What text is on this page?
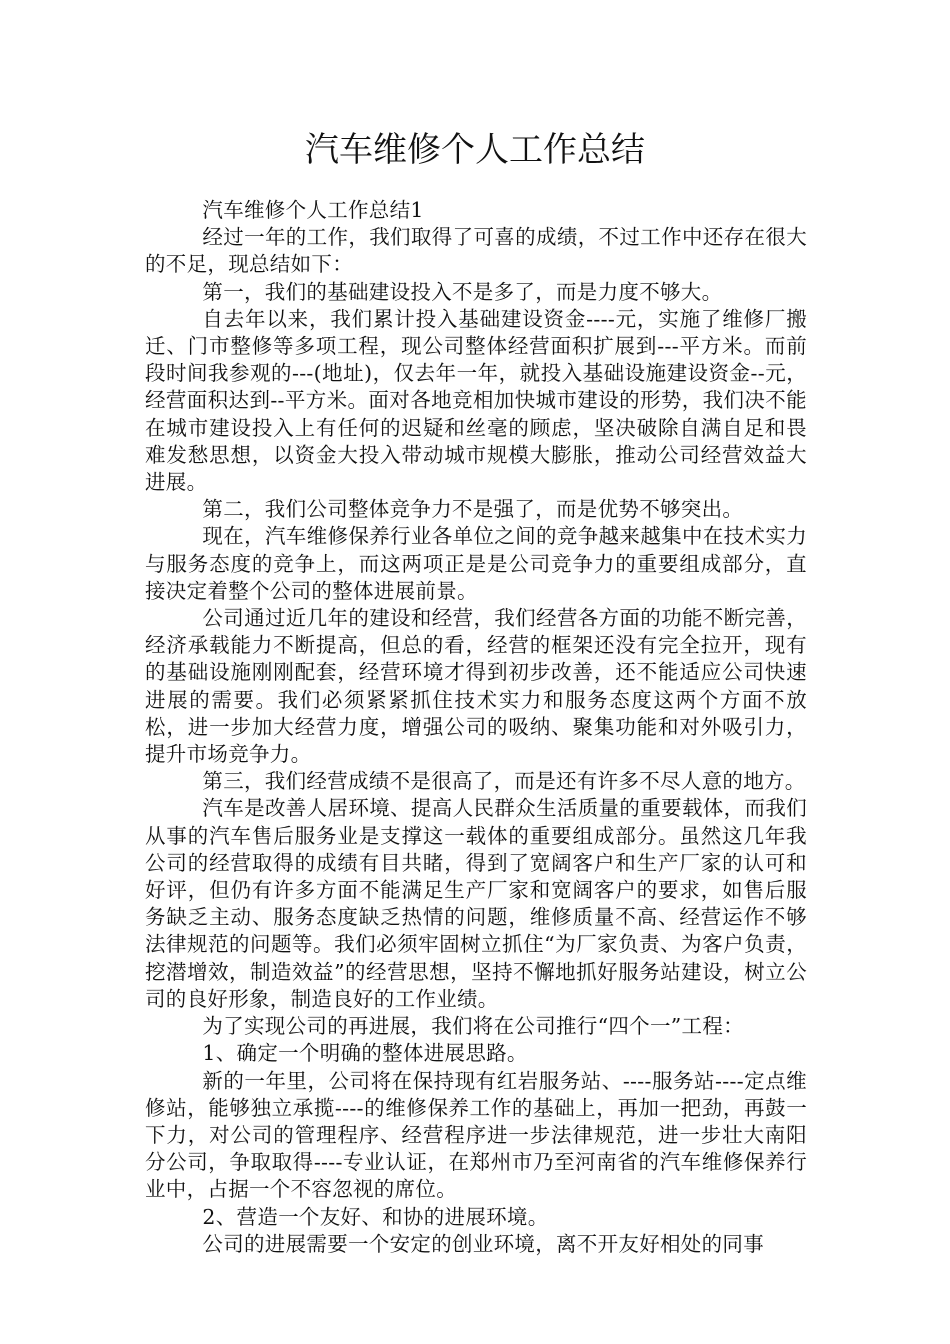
汽车维修个人工作总结

汽车维修个人工作总结1

经过一年的工作，我们取得了可喜的成绩，不过工作中还存在很大的不足，现总结如下：

第一，我们的基础建设投入不是多了，而是力度不够大。

自去年以来，我们累计投入基础建设资金----元，实施了维修厂搬迁、门市整修等多项工程，现公司整体经营面积扩展到---平方米。而前段时间我参观的---(地址)，仅去年一年，就投入基础设施建设资金--元，经营面积达到--平方米。面对各地竞相加快城市建设的形势，我们决不能在城市建设投入上有任何的迟疑和丝毫的顾虑，坚决破除自满自足和畏难发愁思想，以资金大投入带动城市规模大膨胀，推动公司经营效益大进展。

第二，我们公司整体竞争力不是强了，而是优势不够突出。

现在，汽车维修保养行业各单位之间的竞争越来越集中在技术实力与服务态度的竞争上，而这两项正是是公司竞争力的重要组成部分，直接决定着整个公司的整体进展前景。

公司通过近几年的建设和经营，我们经营各方面的功能不断完善，经济承载能力不断提高，但总的看，经营的框架还没有完全拉开，现有的基础设施刚刚配套，经营环境才得到初步改善，还不能适应公司快速进展的需要。我们必须紧紧抓住技术实力和服务态度这两个方面不放松，进一步加大经营力度，增强公司的吸纳、聚集功能和对外吸引力，提升市场竞争力。

第三，我们经营成绩不是很高了，而是还有许多不尽人意的地方。

汽车是改善人居环境、提高人民群众生活质量的重要载体，而我们从事的汽车售后服务业是支撑这一载体的重要组成部分。虽然这几年我公司的经营取得的成绩有目共睹，得到了宽阔客户和生产厂家的认可和好评，但仍有许多方面不能满足生产厂家和宽阔客户的要求，如售后服务缺乏主动、服务态度缺乏热情的问题，维修质量不高、经营运作不够法律规范的问题等。我们必须牢固树立抓住“为厂家负责、为客户负责，挖潜增效，制造效益”的经营思想，坚持不懈地抓好服务站建设，树立公司的良好形象，制造良好的工作业绩。

为了实现公司的再进展，我们将在公司推行“四个一”工程：

1、确定一个明确的整体进展思路。

新的一年里，公司将在保持现有红岩服务站、----服务站----定点维修站，能够独立承揽----的维修保养工作的基础上，再加一把劲，再鼓一下力，对公司的管理程序、经营程序进一步法律规范，进一步壮大南阳分公司，争取取得----专业认证，在郑州市乃至河南省的汽车维修保养行业中，占据一个不容忽视的席位。

2、营造一个友好、和协的进展环境。

公司的进展需要一个安定的创业环境，离不开友好相处的同事
